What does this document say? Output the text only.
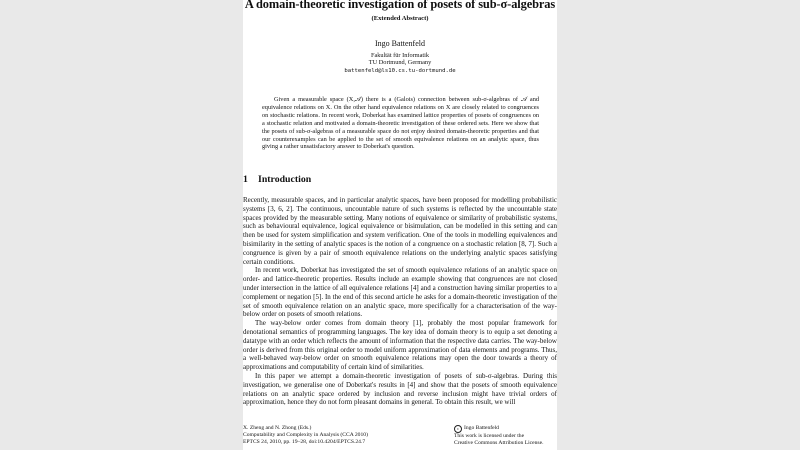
A domain-theoretic investigation of posets of sub-σ-algebras
(Extended Abstract)
Ingo Battenfeld
Fakultät für Informatik
TU Dortmund, Germany
battenfeld@ls10.cs.tu-dortmund.de

Given a measurable space (X,𝒜) there is a (Galois) connection between sub-σ-algebras of 𝒜 and equivalence relations on X. On the other hand equivalence relations on X are closely related to congruences on stochastic relations. In recent work, Doberkat has examined lattice properties of posets of congruences on a stochastic relation and motivated a domain-theoretic investigation of these ordered sets. Here we show that the posets of sub-σ-algebras of a measurable space do not enjoy desired domain-theoretic properties and that our counterexamples can be applied to the set of smooth equivalence relations on an analytic space, thus giving a rather unsatisfactory answer to Doberkat's question.

1 Introduction

Recently, measurable spaces, and in particular analytic spaces, have been proposed for modelling probabilistic systems [3, 6, 2]. The continuous, uncountable nature of such systems is reflected by the uncountable state spaces provided by the measurable setting. Many notions of equivalence or similarity of probabilistic systems, such as behavioural equivalence, logical equivalence or bisimulation, can be modelled in this setting and can then be used for system simplification and system verification. One of the tools in modelling equivalences and bisimilarity in the setting of analytic spaces is the notion of a congruence on a stochastic relation [8, 7]. Such a congruence is given by a pair of smooth equivalence relations on the underlying analytic spaces satisfying certain conditions.

In recent work, Doberkat has investigated the set of smooth equivalence relations of an analytic space on order- and lattice-theoretic properties. Results include an example showing that congruences are not closed under intersection in the lattice of all equivalence relations [4] and a construction having similar properties to a complement or negation [5]. In the end of this second article he asks for a domain-theoretic investigation of the set of smooth equivalence relation on an analytic space, more specifically for a characterisation of the way-below order on posets of smooth relations.

The way-below order comes from domain theory [1], probably the most popular framework for denotational semantics of programming languages. The key idea of domain theory is to equip a set denoting a datatype with an order which reflects the amount of information that the respective data carries. The way-below order is derived from this original order to model uniform approximation of data elements and programs. Thus, a well-behaved way-below order on smooth equivalence relations may open the door towards a theory of approximations and computability of certain kind of similarities.

In this paper we attempt a domain-theoretic investigation of posets of sub-σ-algebras. During this investigation, we generalise one of Doberkat's results in [4] and show that the posets of smooth equivalence relations on an analytic space ordered by inclusion and reverse inclusion might have trivial orders of approximation, hence they do not form pleasant domains in general. To obtain this result, we will

X. Zheng and N. Zhong (Eds.)
Computability and Complexity in Analysis (CCA 2010)
EPTCS 24, 2010, pp. 19–28, doi:10.4204/EPTCS.24.7
c Ingo Battenfeld
This work is licensed under the
Creative Commons Attribution License.
